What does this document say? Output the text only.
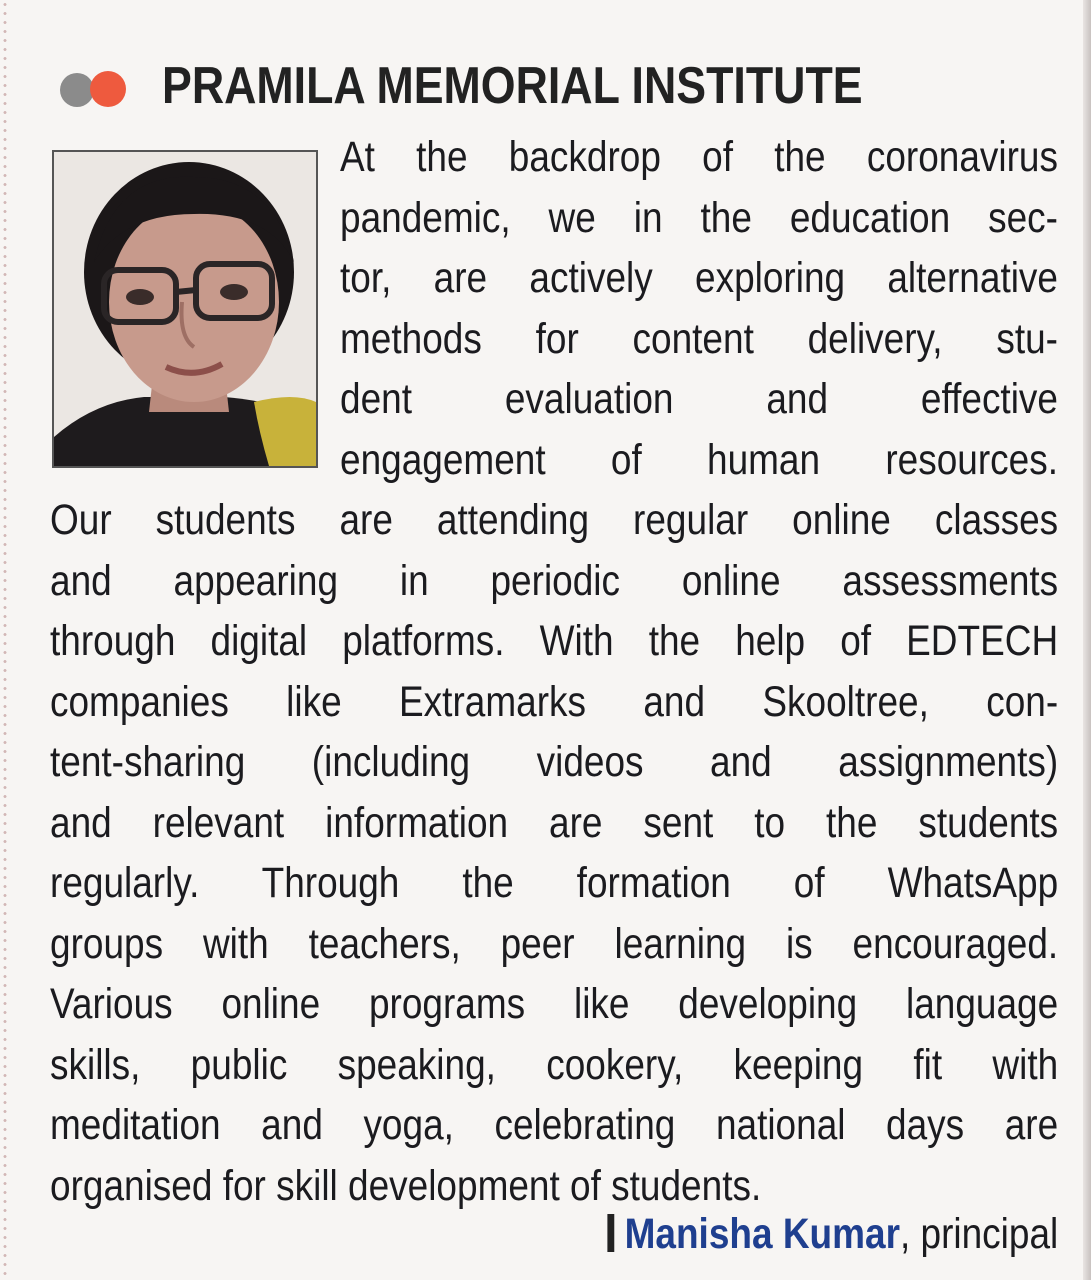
PRAMILA MEMORIAL INSTITUTE
At the backdrop of the coronavirus
pandemic, we in the education sec-
tor, are actively exploring alternative
methods for content delivery, stu-
dent evaluation and effective
engagement of human resources.
Our students are attending regular online classes
and appearing in periodic online assessments
through digital platforms. With the help of EDTECH
companies like Extramarks and Skooltree, con-
tent-sharing (including videos and assignments)
and relevant information are sent to the students
regularly. Through the formation of WhatsApp
groups with teachers, peer learning is encouraged.
Various online programs like developing language
skills, public speaking, cookery, keeping fit with
meditation and yoga, celebrating national days are
organised for skill development of students.
Manisha Kumar, principal
